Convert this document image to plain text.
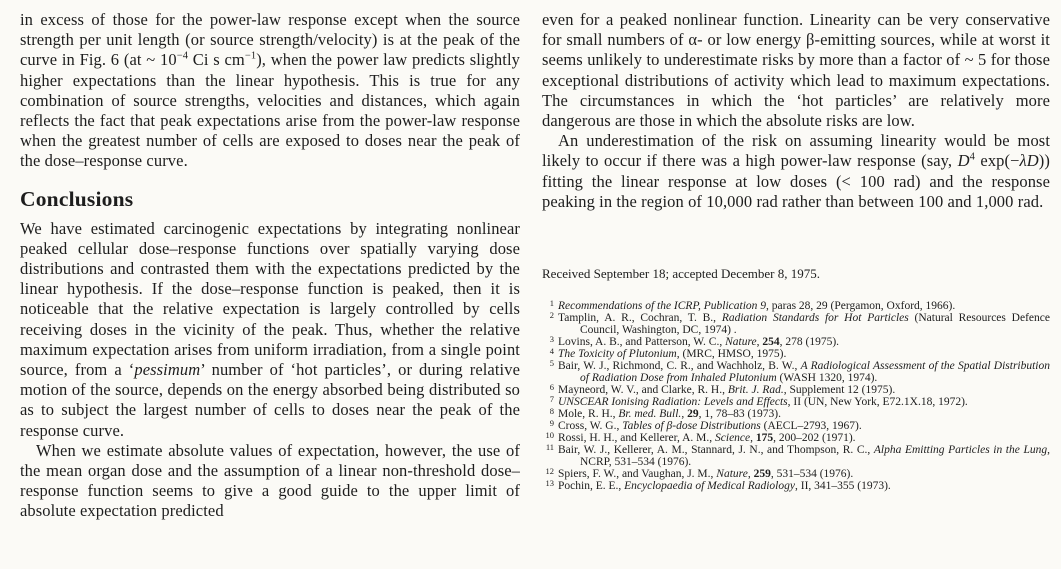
in excess of those for the power-law response except when the source strength per unit length (or source strength/velocity) is at the peak of the curve in Fig. 6 (at ~ $10^{-4}$ Ci s $cm^{-1}$), when the power law predicts slightly higher expectations than the linear hypothesis. This is true for any combination of source strengths, velocities and distances, which again reflects the fact that peak expectations arise from the power-law response when the greatest number of cells are exposed to doses near the peak of the dose–response curve.

Conclusions

We have estimated carcinogenic expectations by integrating nonlinear peaked cellular dose–response functions over spatially varying dose distributions and contrasted them with the expectations predicted by the linear hypothesis. If the dose–response function is peaked, then it is noticeable that the relative expectation is largely controlled by cells receiving doses in the vicinity of the peak. Thus, whether the relative maximum expectation arises from uniform irradiation, from a single point source, from a ‘pessimum’ number of ‘hot particles’, or during relative motion of the source, depends on the energy absorbed being distributed so as to subject the largest number of cells to doses near the peak of the response curve.

When we estimate absolute values of expectation, however, the use of the mean organ dose and the assumption of a linear non-threshold dose–response function seems to give a good guide to the upper limit of absolute expectation predicted

even for a peaked nonlinear function. Linearity can be very conservative for small numbers of α- or low energy β-emitting sources, while at worst it seems unlikely to underestimate risks by more than a factor of ~ 5 for those exceptional distributions of activity which lead to maximum expectations. The circumstances in which the ‘hot particles’ are relatively more dangerous are those in which the absolute risks are low.

An underestimation of the risk on assuming linearity would be most likely to occur if there was a high power-law response (say, $D^4$ exp(−λD)) fitting the linear response at low doses (< 100 rad) and the response peaking in the region of 10,000 rad rather than between 100 and 1,000 rad.

Received September 18; accepted December 8, 1975.

$^1$ Recommendations of the ICRP, Publication 9, paras 28, 29 (Pergamon, Oxford, 1966).
$^2$ Tamplin, A. R., Cochran, T. B., Radiation Standards for Hot Particles (Natural Resources Defence Council, Washington, DC, 1974) .
$^3$ Lovins, A. B., and Patterson, W. C., Nature, 254, 278 (1975).
$^4$ The Toxicity of Plutonium, (MRC, HMSO, 1975).
$^5$ Bair, W. J., Richmond, C. R., and Wachholz, B. W., A Radiological Assessment of the Spatial Distribution of Radiation Dose from Inhaled Plutonium (WASH 1320, 1974).
$^6$ Mayneord, W. V., and Clarke, R. H., Brit. J. Rad., Supplement 12 (1975).
$^7$ UNSCEAR Ionising Radiation: Levels and Effects, II (UN, New York, E72.1X.18, 1972).
$^8$ Mole, R. H., Br. med. Bull., 29, 1, 78–83 (1973).
$^9$ Cross, W. G., Tables of β-dose Distributions (AECL–2793, 1967).
$^{10}$ Rossi, H. H., and Kellerer, A. M., Science, 175, 200–202 (1971).
$^{11}$ Bair, W. J., Kellerer, A. M., Stannard, J. N., and Thompson, R. C., Alpha Emitting Particles in the Lung, NCRP, 531–534 (1976).
$^{12}$ Spiers, F. W., and Vaughan, J. M., Nature, 259, 531–534 (1976).
$^{13}$ Pochin, E. E., Encyclopaedia of Medical Radiology, II, 341–355 (1973).
